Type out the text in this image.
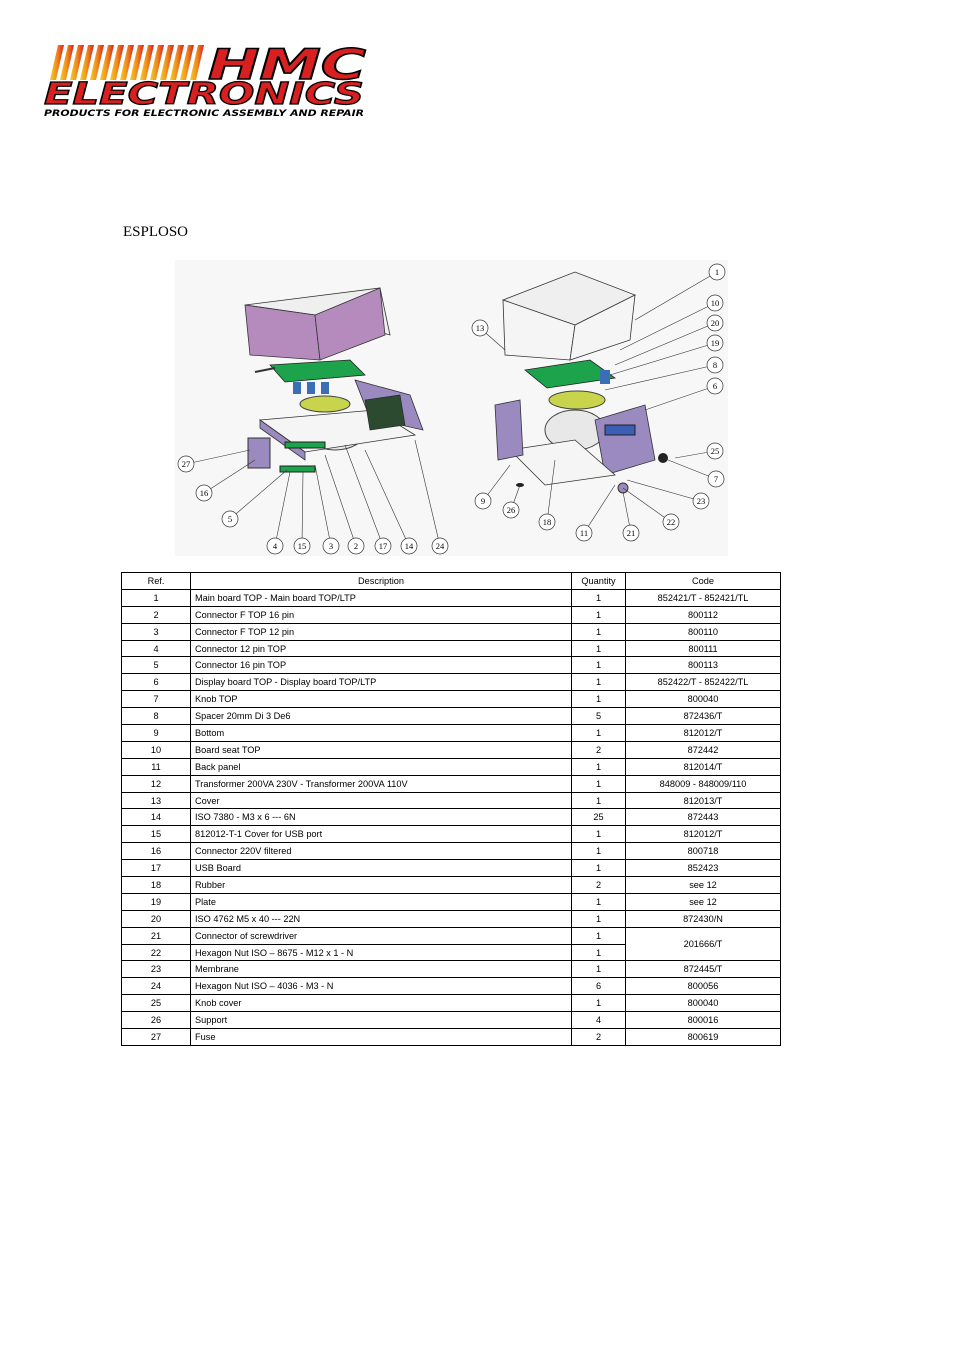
HMC
ELECTRONICS
PRODUCTS FOR ELECTRONIC ASSEMBLY AND REPAIR
ESPLOSO
27
16
5
4 15	3 2 17 14	24
1
10
20
19
8
6
13
25
7
23
22
21
11
18
26
9
Ref.	Description	Quantity	Code
1	Main board TOP - Main board TOP/LTP	1	852421/T - 852421/TL
2	Connector F TOP 16 pin	1	800112
3	Connector F TOP 12 pin	1	800110
4	Connector 12 pin TOP	1	800111
5	Connector 16 pin TOP	1	800113
6	Display board TOP - Display board TOP/LTP	1	852422/T - 852422/TL
7	Knob TOP	1	800040
8	Spacer 20mm Di 3 De6	5	872436/T
9	Bottom	1	812012/T
10	Board seat TOP	2	872442
11	Back panel	1	812014/T
12	Transformer 200VA 230V - Transformer 200VA 110V	1	848009 - 848009/110
13	Cover	1	812013/T
14	ISO 7380 - M3 x 6 --- 6N	25	872443
15	812012-T-1 Cover for USB port	1	812012/T
16	Connector 220V filtered	1	800718
17	USB Board	1	852423
18	Rubber	2	see 12
19	Plate	1	see 12
20	ISO 4762 M5 x 40 --- 22N	1	872430/N
21	Connector of screwdriver	1	201666/T
22	Hexagon Nut ISO – 8675 - M12 x 1 - N	1	
23	Membrane	1	872445/T
24	Hexagon Nut ISO – 4036 - M3 - N	6	800056
25	Knob cover	1	800040
26	Support	4	800016
27	Fuse	2	800619
